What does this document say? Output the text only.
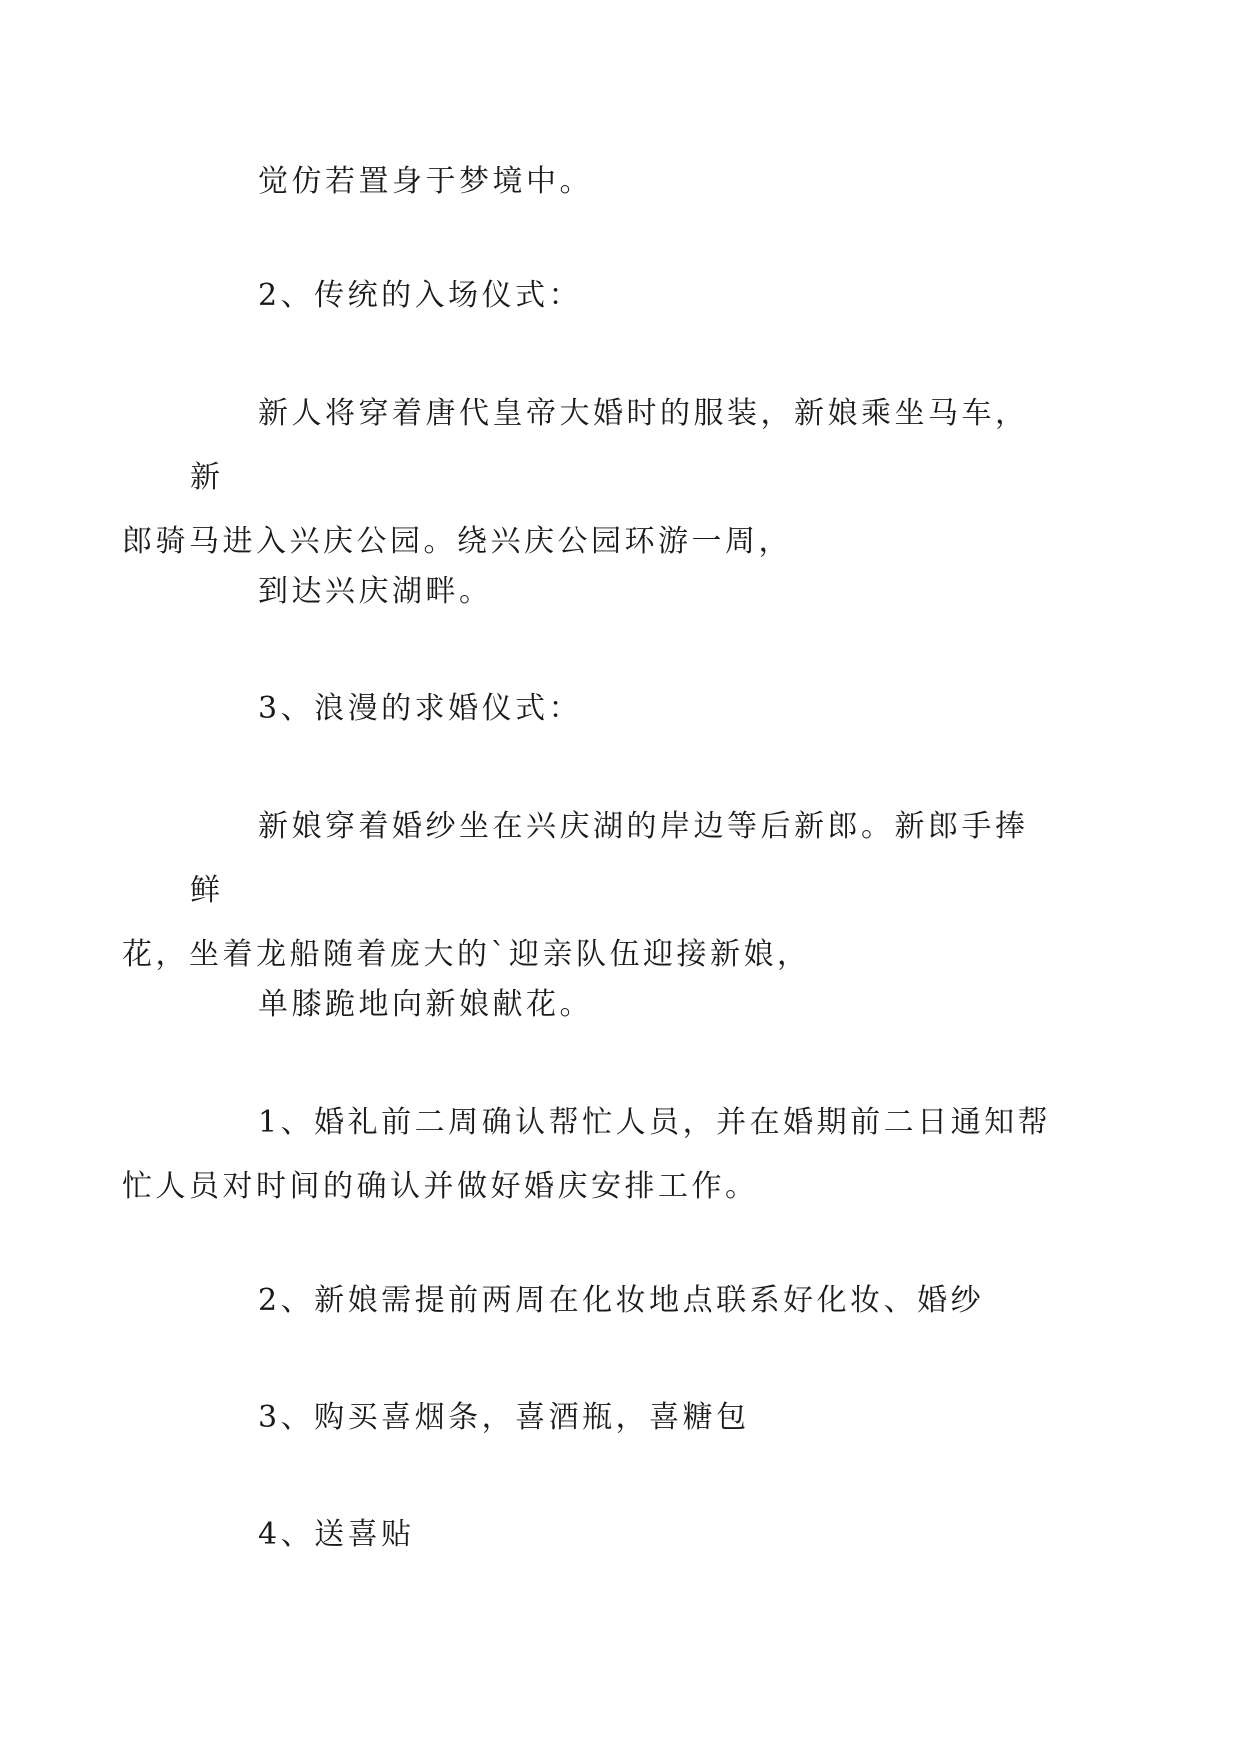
觉仿若置身于梦境中。

2、传统的入场仪式：

新人将穿着唐代皇帝大婚时的服装，新娘乘坐马车，新
郎骑马进入兴庆公园。绕兴庆公园环游一周，

到达兴庆湖畔。

3、浪漫的求婚仪式：

新娘穿着婚纱坐在兴庆湖的岸边等后新郎。新郎手捧鲜
花，坐着龙船随着庞大的`迎亲队伍迎接新娘，

单膝跪地向新娘献花。

1、婚礼前二周确认帮忙人员，并在婚期前二日通知帮
忙人员对时间的确认并做好婚庆安排工作。

2、新娘需提前两周在化妆地点联系好化妆、婚纱

3、购买喜烟条，喜酒瓶，喜糖包

4、送喜贴
